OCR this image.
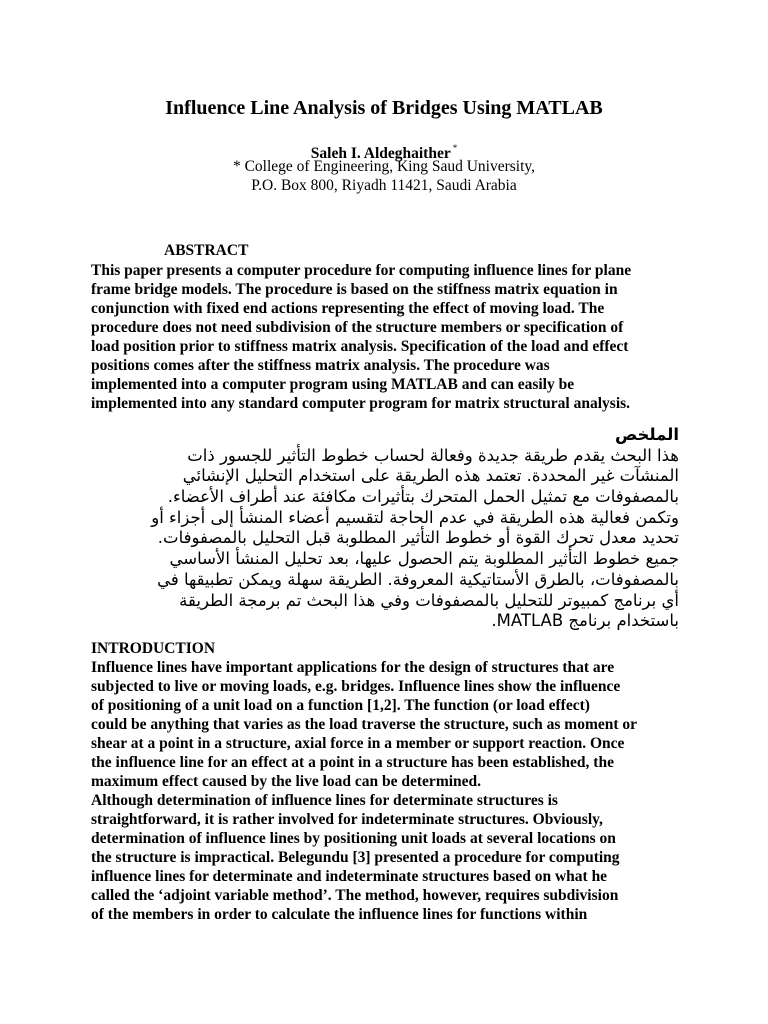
Influence Line Analysis of Bridges Using MATLAB
Saleh I. Aldeghaither *
* College of Engineering, King Saud University,
P.O. Box 800, Riyadh 11421, Saudi Arabia
ABSTRACT
This paper presents a computer procedure for computing influence lines for plane
frame bridge models. The procedure is based on the stiffness matrix equation in
conjunction with fixed end actions representing the effect of moving load. The
procedure does not need subdivision of the structure members or specification of
load position prior to stiffness matrix analysis. Specification of the load and effect
positions comes after the stiffness matrix analysis. The procedure was
implemented into a computer program using MATLAB and can easily be
implemented into any standard computer program for matrix structural analysis.
الملخص
هذا البحث يقدم طريقة جديدة وفعالة لحساب خطوط التأثير للجسور ذات
المنشآت غير المحددة. تعتمد هذه الطريقة على استخدام التحليل الإنشائي
بالمصفوفات مع تمثيل الحمل المتحرك بتأثيرات مكافئة عند أطراف الأعضاء.
وتكمن فعالية هذه الطريقة في عدم الحاجة لتقسيم أعضاء المنشأ إلى أجزاء أو
تحديد معدل تحرك القوة أو خطوط التأثير المطلوبة قبل التحليل بالمصفوفات.
جميع خطوط التأثير المطلوبة يتم الحصول عليها، بعد تحليل المنشأ الأساسي
بالمصفوفات، بالطرق الأستاتيكية المعروفة. الطريقة سهلة ويمكن تطبيقها في
أي برنامج كمبيوتر للتحليل بالمصفوفات وفي هذا البحث تم برمجة الطريقة
باستخدام برنامج MATLAB.
INTRODUCTION
Influence lines have important applications for the design of structures that are
subjected to live or moving loads, e.g. bridges. Influence lines show the influence
of positioning of a unit load on a function [1,2]. The function (or load effect)
could be anything that varies as the load traverse the structure, such as moment or
shear at a point in a structure, axial force in a member or support reaction. Once
the influence line for an effect at a point in a structure has been established, the
maximum effect caused by the live load can be determined.
Although determination of influence lines for determinate structures is
straightforward, it is rather involved for indeterminate structures. Obviously,
determination of influence lines by positioning unit loads at several locations on
the structure is impractical. Belegundu [3] presented a procedure for computing
influence lines for determinate and indeterminate structures based on what he
called the ‘adjoint variable method’. The method, however, requires subdivision
of the members in order to calculate the influence lines for functions within
